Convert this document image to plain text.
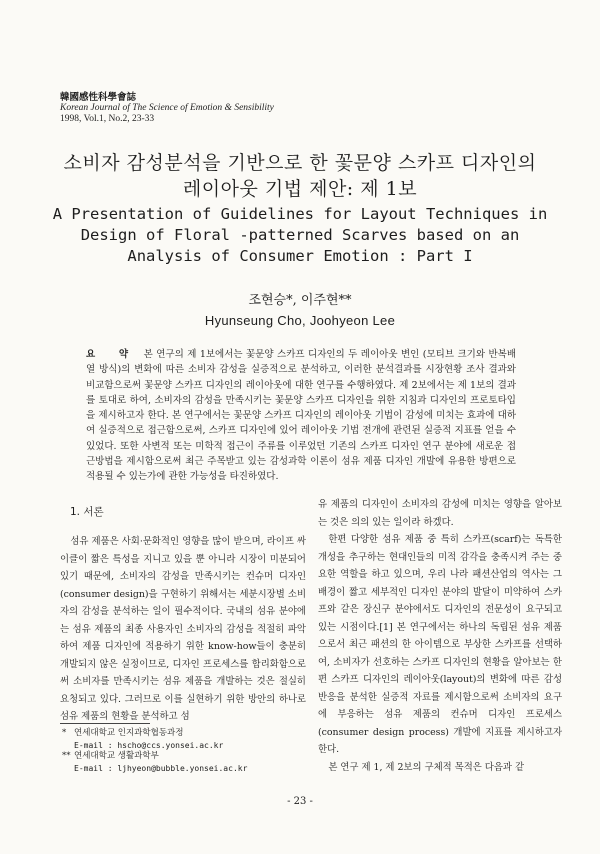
韓國感性科學會誌
Korean Journal of The Science of Emotion & Sensibility
1998, Vol.1, No.2, 23-33
소비자 감성분석을 기반으로 한 꽃문양 스카프 디자인의
레이아웃 기법 제안: 제 1보
A Presentation of Guidelines for Layout Techniques in
Design of Floral -patterned Scarves based on an
Analysis of Consumer Emotion : Part I
조현승*, 이주현**
Hyunseung Cho, Joohyeon Lee
요 약 본 연구의 제 1보에서는 꽃문양 스카프 디자인의 두 레이아웃 변인 (모티브 크기와 반복배열 방식)의 변화에 따른 소비자 감성을 실증적으로 분석하고, 이러한 분석결과를 시장현황 조사 결과와 비교함으로써 꽃문양 스카프 디자인의 레이아웃에 대한 연구를 수행하였다. 제 2보에서는 제 1보의 결과를 토대로 하여, 소비자의 감성을 만족시키는 꽃문양 스카프 디자인을 위한 지침과 디자인의 프로토타입을 제시하고자 한다. 본 연구에서는 꽃문양 스카프 디자인의 레이아웃 기법이 감성에 미치는 효과에 대하여 실증적으로 접근함으로써, 스카프 디자인에 있어 레이아웃 기법 전개에 관련된 실증적 지표를 얻을 수 있었다. 또한 사변적 또는 미학적 접근이 주류를 이루었던 기존의 스카프 디자인 연구 분야에 새로운 접근방법을 제시함으로써 최근 주목받고 있는 감성과학 이론이 섬유 제품 디자인 개발에 유용한 방편으로 적용될 수 있는가에 관한 가능성을 타진하였다.
1. 서론

섬유 제품은 사회·문화적인 영향을 많이 받으며, 라이프 싸이클이 짧은 특성을 지니고 있을 뿐 아니라 시장이 미분되어 있기 때문에, 소비자의 감성을 만족시키는 컨슈머 디자인(consumer design)을 구현하기 위해서는 세분시장별 소비자의 감성을 분석하는 일이 필수적이다. 국내의 섬유 분야에는 섬유 제품의 최종 사용자인 소비자의 감성을 적절히 파악하여 제품 디자인에 적용하기 위한 know-how들이 충분히 개발되지 않은 실정이므로, 디자인 프로세스를 합리화함으로써 소비자를 만족시키는 섬유 제품을 개발하는 것은 절실히 요청되고 있다. 그러므로 이를 실현하기 위한 방안의 하나로 섬유 제품의 현황을 분석하고 섬

유 제품의 디자인이 소비자의 감성에 미치는 영향을 알아보는 것은 의의 있는 일이라 하겠다.

한편 다양한 섬유 제품 중 특히 스카프(scarf)는 독특한 개성을 추구하는 현대인들의 미적 감각을 충족시켜 주는 중요한 역할을 하고 있으며, 우리 나라 패션산업의 역사는 그 배경이 짧고 세부적인 디자인 분야의 발달이 미약하여 스카프와 같은 장신구 분야에서도 디자인의 전문성이 요구되고 있는 시점이다.[1] 본 연구에서는 하나의 독립된 섬유 제품으로서 최근 패션의 한 아이템으로 부상한 스카프를 선택하여, 소비자가 선호하는 스카프 디자인의 현황을 알아보는 한편 스카프 디자인의 레이아웃(layout)의 변화에 따른 감성반응을 분석한 실증적 자료를 제시함으로써 소비자의 요구에 부응하는 섬유 제품의 컨슈머 디자인 프로세스(consumer design process) 개발에 지표를 제시하고자 한다.

본 연구 제 1, 제 2보의 구체적 목적은 다음과 같

* 연세대학교 인지과학협동과정
E-mail : hscho@ccs.yonsei.ac.kr
** 연세대학교 생활과학부
E-mail : ljhyeon@bubble.yonsei.ac.kr
- 23 -
